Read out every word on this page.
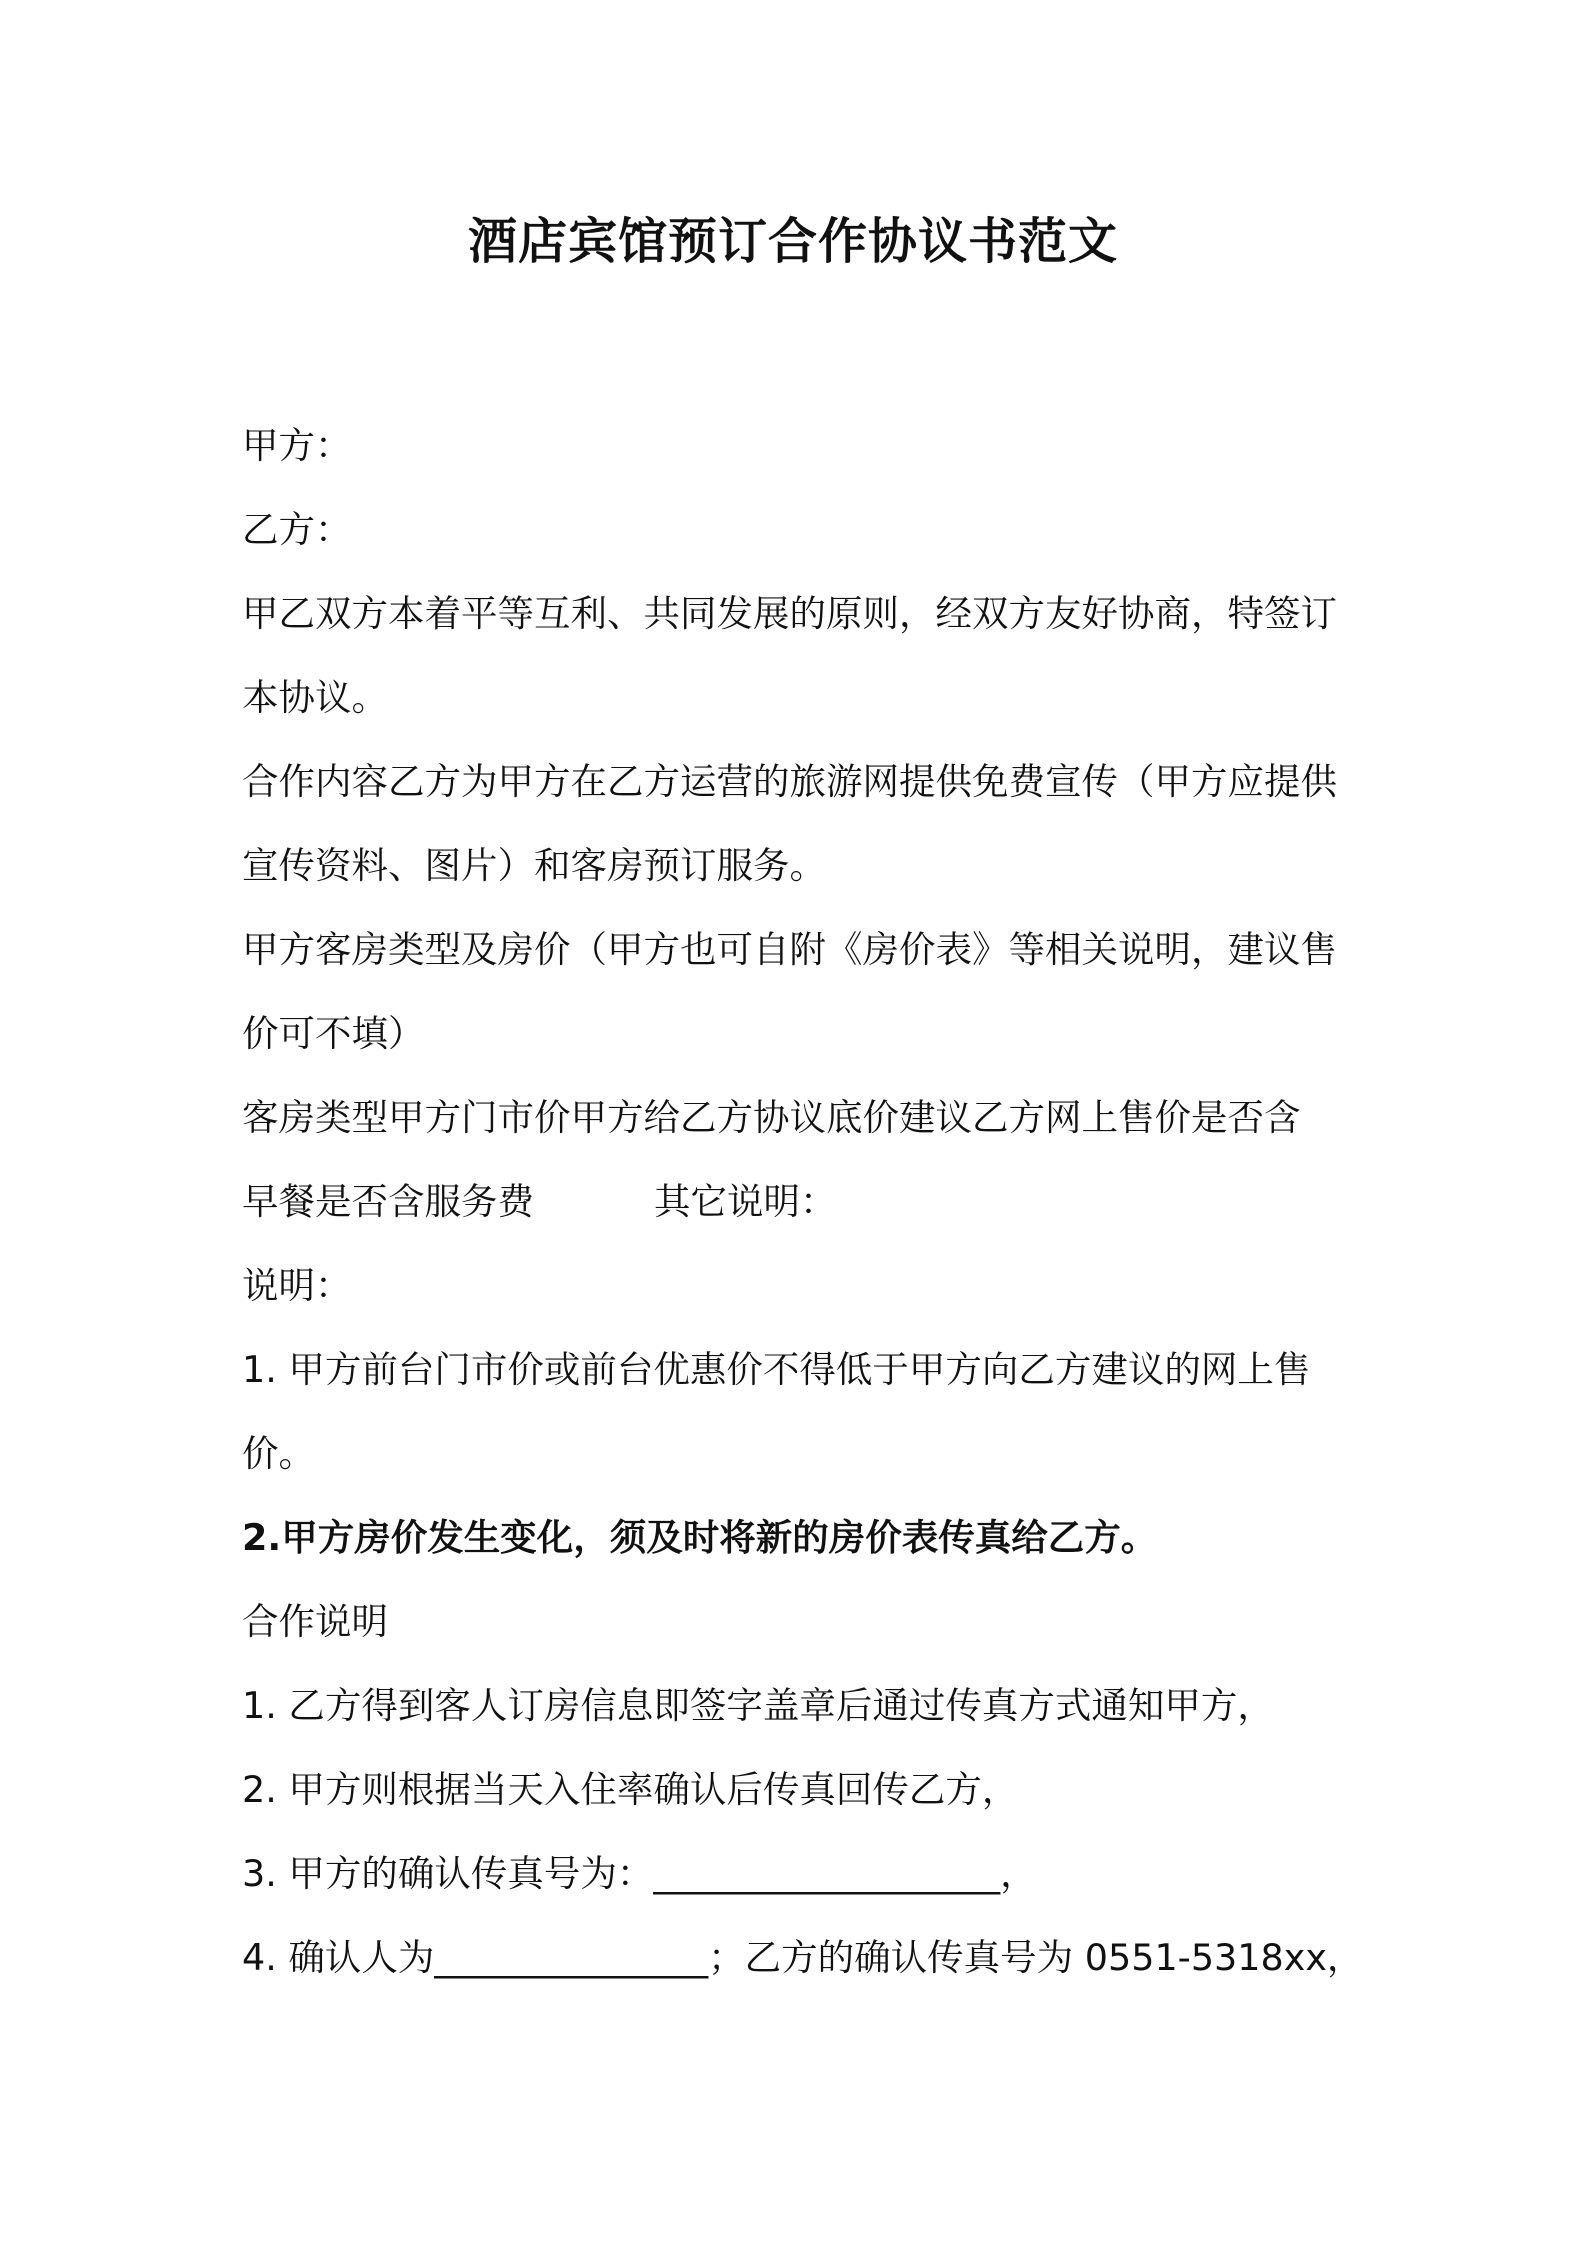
酒店宾馆预订合作协议书范文

甲方：

乙方：

甲乙双方本着平等互利、共同发展的原则，经双方友好协商，特签订

本协议。

合作内容乙方为甲方在乙方运营的旅游网提供免费宣传（甲方应提供

宣传资料、图片）和客房预订服务。

甲方客房类型及房价（甲方也可自附《房价表》等相关说明，建议售

价可不填）

客房类型甲方门市价甲方给乙方协议底价建议乙方网上售价是否含

早餐是否含服务费	其它说明：

说明：

1. 甲方前台门市价或前台优惠价不得低于甲方向乙方建议的网上售

价。

2.甲方房价发生变化，须及时将新的房价表传真给乙方。

合作说明

1. 乙方得到客人订房信息即签字盖章后通过传真方式通知甲方，

2. 甲方则根据当天入住率确认后传真回传乙方，

3. 甲方的确认传真号为：___________________，

4. 确认人为_______________；乙方的确认传真号为 0551-5318xx，
